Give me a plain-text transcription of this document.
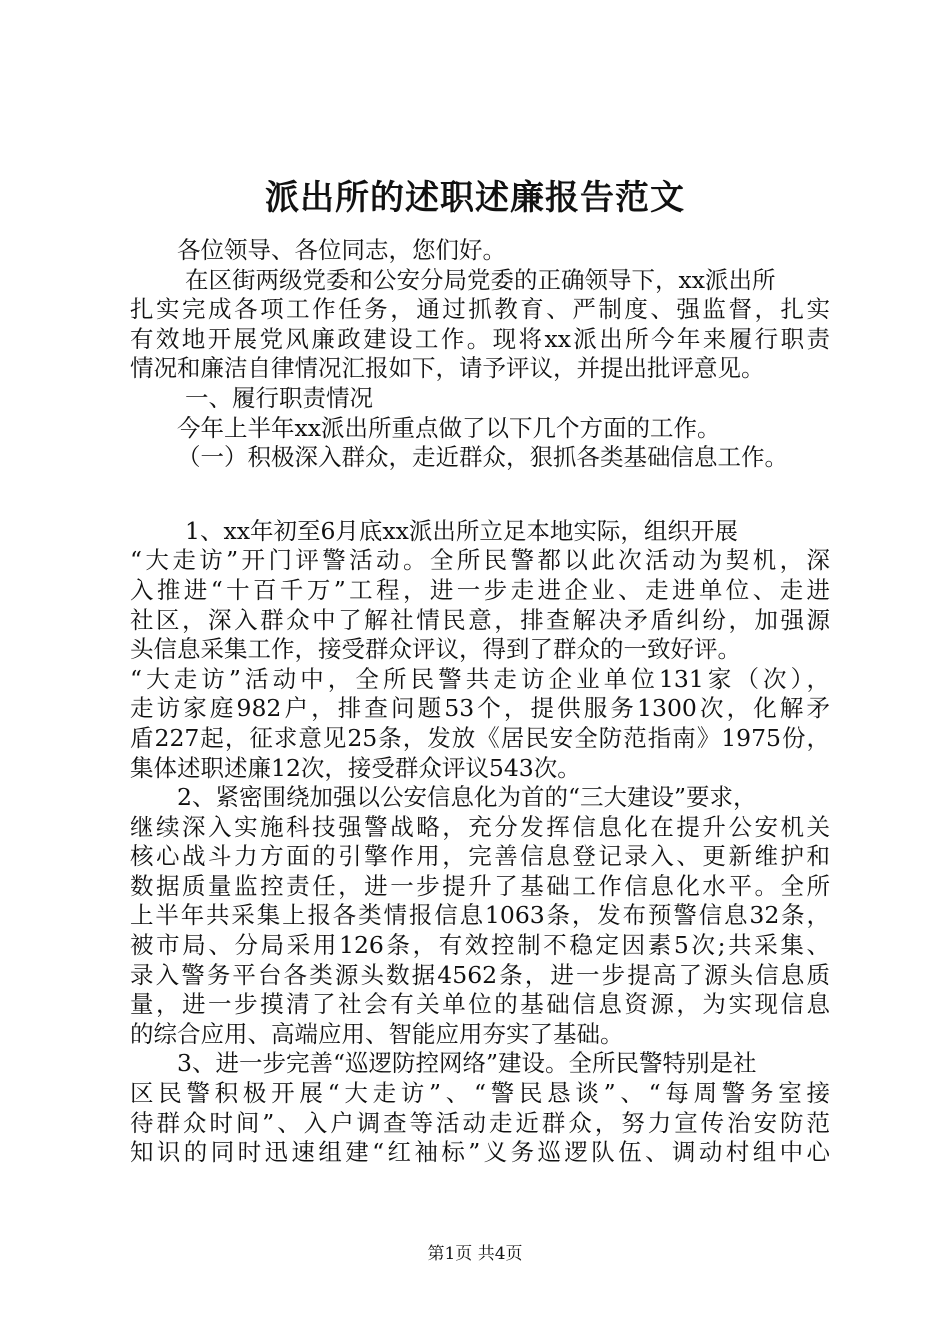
派出所的述职述廉报告范文
各位领导、各位同志，您们好。
在区街两级党委和公安分局党委的正确领导下，xx派出所
扎实完成各项工作任务，通过抓教育、严制度、强监督，扎实
有效地开展党风廉政建设工作。现将xx派出所今年来履行职责
情况和廉洁自律情况汇报如下，请予评议，并提出批评意见。
一、履行职责情况
今年上半年xx派出所重点做了以下几个方面的工作。
（一）积极深入群众，走近群众，狠抓各类基础信息工作。
1、xx年初至6月底xx派出所立足本地实际，组织开展
“大走访”开门评警活动。全所民警都以此次活动为契机，深
入推进“十百千万”工程，进一步走进企业、走进单位、走进
社区，深入群众中了解社情民意，排查解决矛盾纠纷，加强源
头信息采集工作，接受群众评议，得到了群众的一致好评。
“大走访”活动中，全所民警共走访企业单位131家（次），
走访家庭982户，排查问题53个，提供服务1300次，化解矛
盾227起，征求意见25条，发放《居民安全防范指南》1975份，
集体述职述廉12次，接受群众评议543次。
2、紧密围绕加强以公安信息化为首的“三大建设”要求，
继续深入实施科技强警战略，充分发挥信息化在提升公安机关
核心战斗力方面的引擎作用，完善信息登记录入、更新维护和
数据质量监控责任，进一步提升了基础工作信息化水平。全所
上半年共采集上报各类情报信息1063条，发布预警信息32条，
被市局、分局采用126条，有效控制不稳定因素5次;共采集、
录入警务平台各类源头数据4562条，进一步提高了源头信息质
量，进一步摸清了社会有关单位的基础信息资源，为实现信息
的综合应用、高端应用、智能应用夯实了基础。
3、进一步完善“巡逻防控网络”建设。全所民警特别是社
区民警积极开展“大走访”、“警民恳谈”、“每周警务室接
待群众时间”、入户调查等活动走近群众，努力宣传治安防范
知识的同时迅速组建“红袖标”义务巡逻队伍、调动村组中心
第1页 共4页
